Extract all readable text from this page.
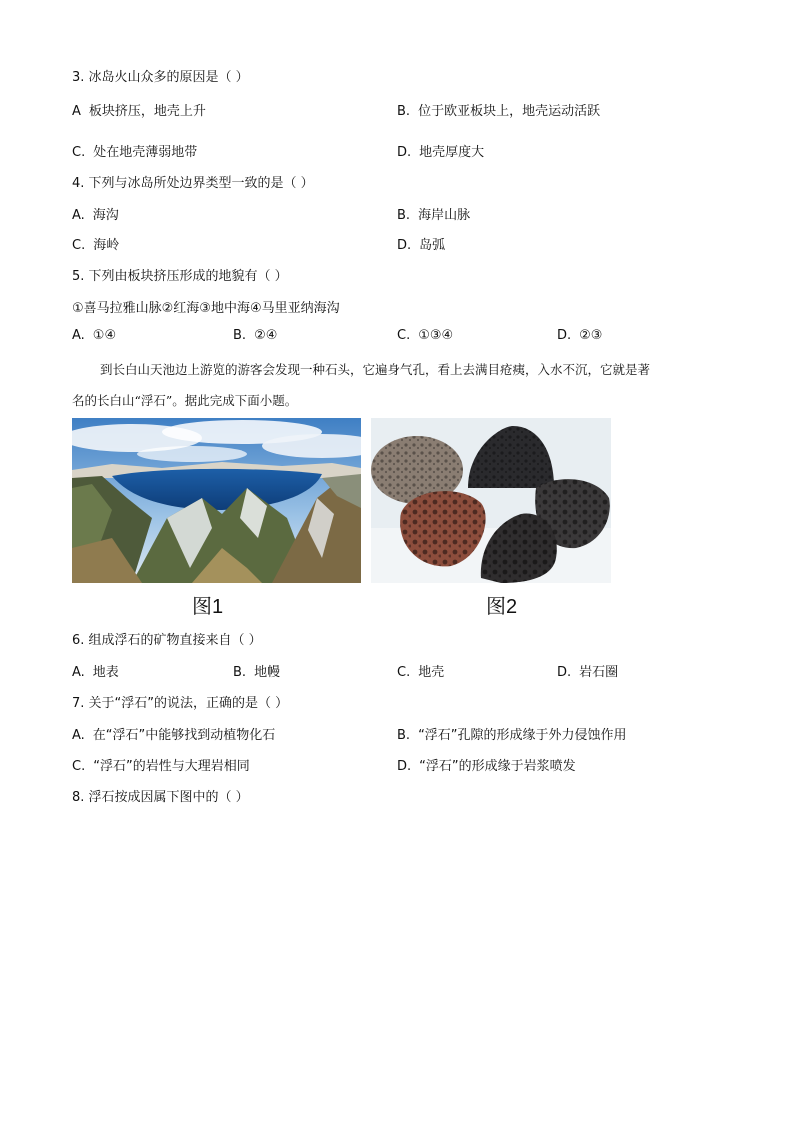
3. 冰岛火山众多的原因是（ ）
A 板块挤压，地壳上升	B. 位于欧亚板块上，地壳运动活跃
C. 处在地壳薄弱地带	D. 地壳厚度大
4. 下列与冰岛所处边界类型一致的是（ ）
A. 海沟	B. 海岸山脉
C. 海岭	D. 岛弧
5. 下列由板块挤压形成的地貌有（ ）
①喜马拉雅山脉②红海③地中海④马里亚纳海沟
A. ①④	B. ②④	C. ①③④	D. ②③
到长白山天池边上游览的游客会发现一种石头，它遍身气孔，看上去满目疮痍，入水不沉，它就是著
名的长白山“浮石”。据此完成下面小题。
图1	图2
6. 组成浮石的矿物直接来自（ ）
A. 地表	B. 地幔	C. 地壳	D. 岩石圈
7. 关于“浮石”的说法，正确的是（ ）
A. 在“浮石”中能够找到动植物化石	B. “浮石”孔隙的形成缘于外力侵蚀作用
C. “浮石”的岩性与大理岩相同	D. “浮石”的形成缘于岩浆喷发
8. 浮石按成因属下图中的（ ）
